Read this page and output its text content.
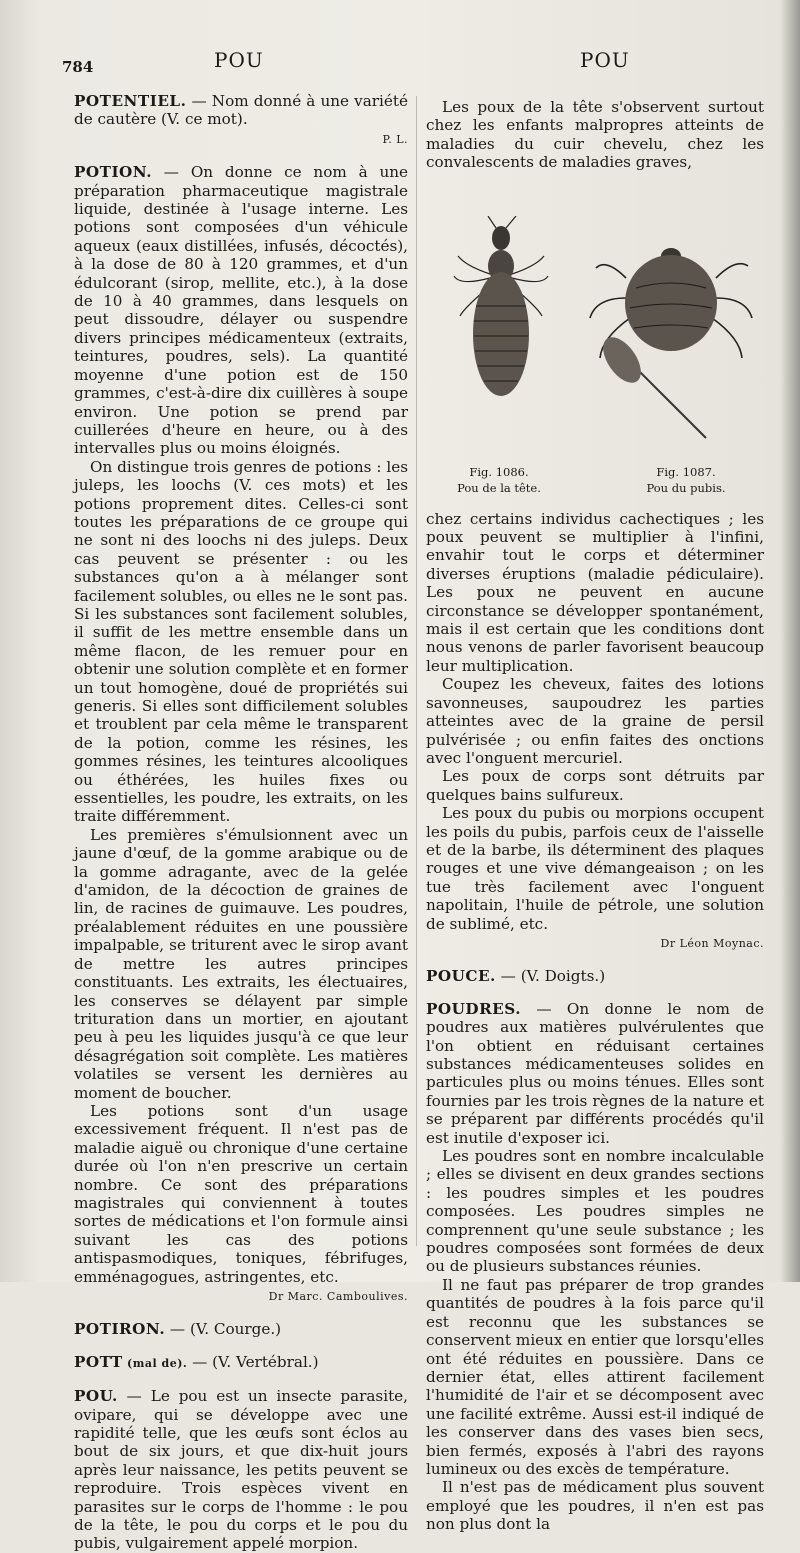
784	POU	POU

POTENTIEL. — Nom donné à une variété de cautère (V. ce mot).

P. L.

POTION. — On donne ce nom à une préparation pharmaceutique magistrale liquide, destinée à l'usage interne. Les potions sont composées d'un véhicule aqueux (eaux distillées, infusés, décoctés), à la dose de 80 à 120 grammes, et d'un édulcorant (sirop, mellite, etc.), à la dose de 10 à 40 grammes, dans lesquels on peut dissoudre, délayer ou suspendre divers principes médicamenteux (extraits, teintures, poudres, sels). La quantité moyenne d'une potion est de 150 grammes, c'est-à-dire dix cuillères à soupe environ. Une potion se prend par cuillerées d'heure en heure, ou à des intervalles plus ou moins éloignés.

On distingue trois genres de potions : les juleps, les loochs (V. ces mots) et les potions proprement dites. Celles-ci sont toutes les préparations de ce groupe qui ne sont ni des loochs ni des juleps. Deux cas peuvent se présenter : ou les substances qu'on a à mélanger sont facilement solubles, ou elles ne le sont pas. Si les substances sont facilement solubles, il suffit de les mettre ensemble dans un même flacon, de les remuer pour en obtenir une solution complète et en former un tout homogène, doué de propriétés sui generis. Si elles sont difficilement solubles et troublent par cela même le transparent de la potion, comme les résines, les gommes résines, les teintures alcooliques ou éthérées, les huiles fixes ou essentielles, les poudre, les extraits, on les traite différemment.

Les premières s'émulsionnent avec un jaune d'œuf, de la gomme arabique ou de la gomme adragante, avec de la gelée d'amidon, de la décoction de graines de lin, de racines de guimauve. Les poudres, préalablement réduites en une poussière impalpable, se triturent avec le sirop avant de mettre les autres principes constituants. Les extraits, les électuaires, les conserves se délayent par simple trituration dans un mortier, en ajoutant peu à peu les liquides jusqu'à ce que leur désagrégation soit complète. Les matières volatiles se versent les dernières au moment de boucher.

Les potions sont d'un usage excessivement fréquent. Il n'est pas de maladie aiguë ou chronique d'une certaine durée où l'on n'en prescrive un certain nombre. Ce sont des préparations magistrales qui conviennent à toutes sortes de médications et l'on formule ainsi suivant les cas des potions antispasmodiques, toniques, fébrifuges, emménagogues, astringentes, etc.

Dr Marc. Camboulives.

POTIRON. — (V. Courge.)

POTT (mal de). — (V. Vertébral.)

POU. — Le pou est un insecte parasite, ovipare, qui se développe avec une rapidité telle, que les œufs sont éclos au bout de six jours, et que dix-huit jours après leur naissance, les petits peuvent se reproduire. Trois espèces vivent en parasites sur le corps de l'homme : le pou de la tête, le pou du corps et le pou du pubis, vulgairement appelé morpion.

Les poux de la tête s'observent surtout chez les enfants malpropres atteints de maladies du cuir chevelu, chez les convalescents de maladies graves,

Fig. 1086.
Pou de la tête.
Fig. 1087.
Pou du pubis.

chez certains individus cachectiques ; les poux peuvent se multiplier à l'infini, envahir tout le corps et déterminer diverses éruptions (maladie pédiculaire). Les poux ne peuvent en aucune circonstance se développer spontanément, mais il est certain que les conditions dont nous venons de parler favorisent beaucoup leur multiplication.

Coupez les cheveux, faites des lotions savonneuses, saupoudrez les parties atteintes avec de la graine de persil pulvérisée ; ou enfin faites des onctions avec l'onguent mercuriel.

Les poux de corps sont détruits par quelques bains sulfureux.

Les poux du pubis ou morpions occupent les poils du pubis, parfois ceux de l'aisselle et de la barbe, ils déterminent des plaques rouges et une vive démangeaison ; on les tue très facilement avec l'onguent napolitain, l'huile de pétrole, une solution de sublimé, etc.

Dr Léon Moynac.

POUCE. — (V. Doigts.)

POUDRES. — On donne le nom de poudres aux matières pulvérulentes que l'on obtient en réduisant certaines substances médicamenteuses solides en particules plus ou moins ténues. Elles sont fournies par les trois règnes de la nature et se préparent par différents procédés qu'il est inutile d'exposer ici.

Les poudres sont en nombre incalculable ; elles se divisent en deux grandes sections : les poudres simples et les poudres composées. Les poudres simples ne comprennent qu'une seule substance ; les poudres composées sont formées de deux ou de plusieurs substances réunies.

Il ne faut pas préparer de trop grandes quantités de poudres à la fois parce qu'il est reconnu que les substances se conservent mieux en entier que lorsqu'elles ont été réduites en poussière. Dans ce dernier état, elles attirent facilement l'humidité de l'air et se décomposent avec une facilité extrême. Aussi est-il indiqué de les conserver dans des vases bien secs, bien fermés, exposés à l'abri des rayons lumineux ou des excès de température.

Il n'est pas de médicament plus souvent employé que les poudres, il n'en est pas non plus dont la
